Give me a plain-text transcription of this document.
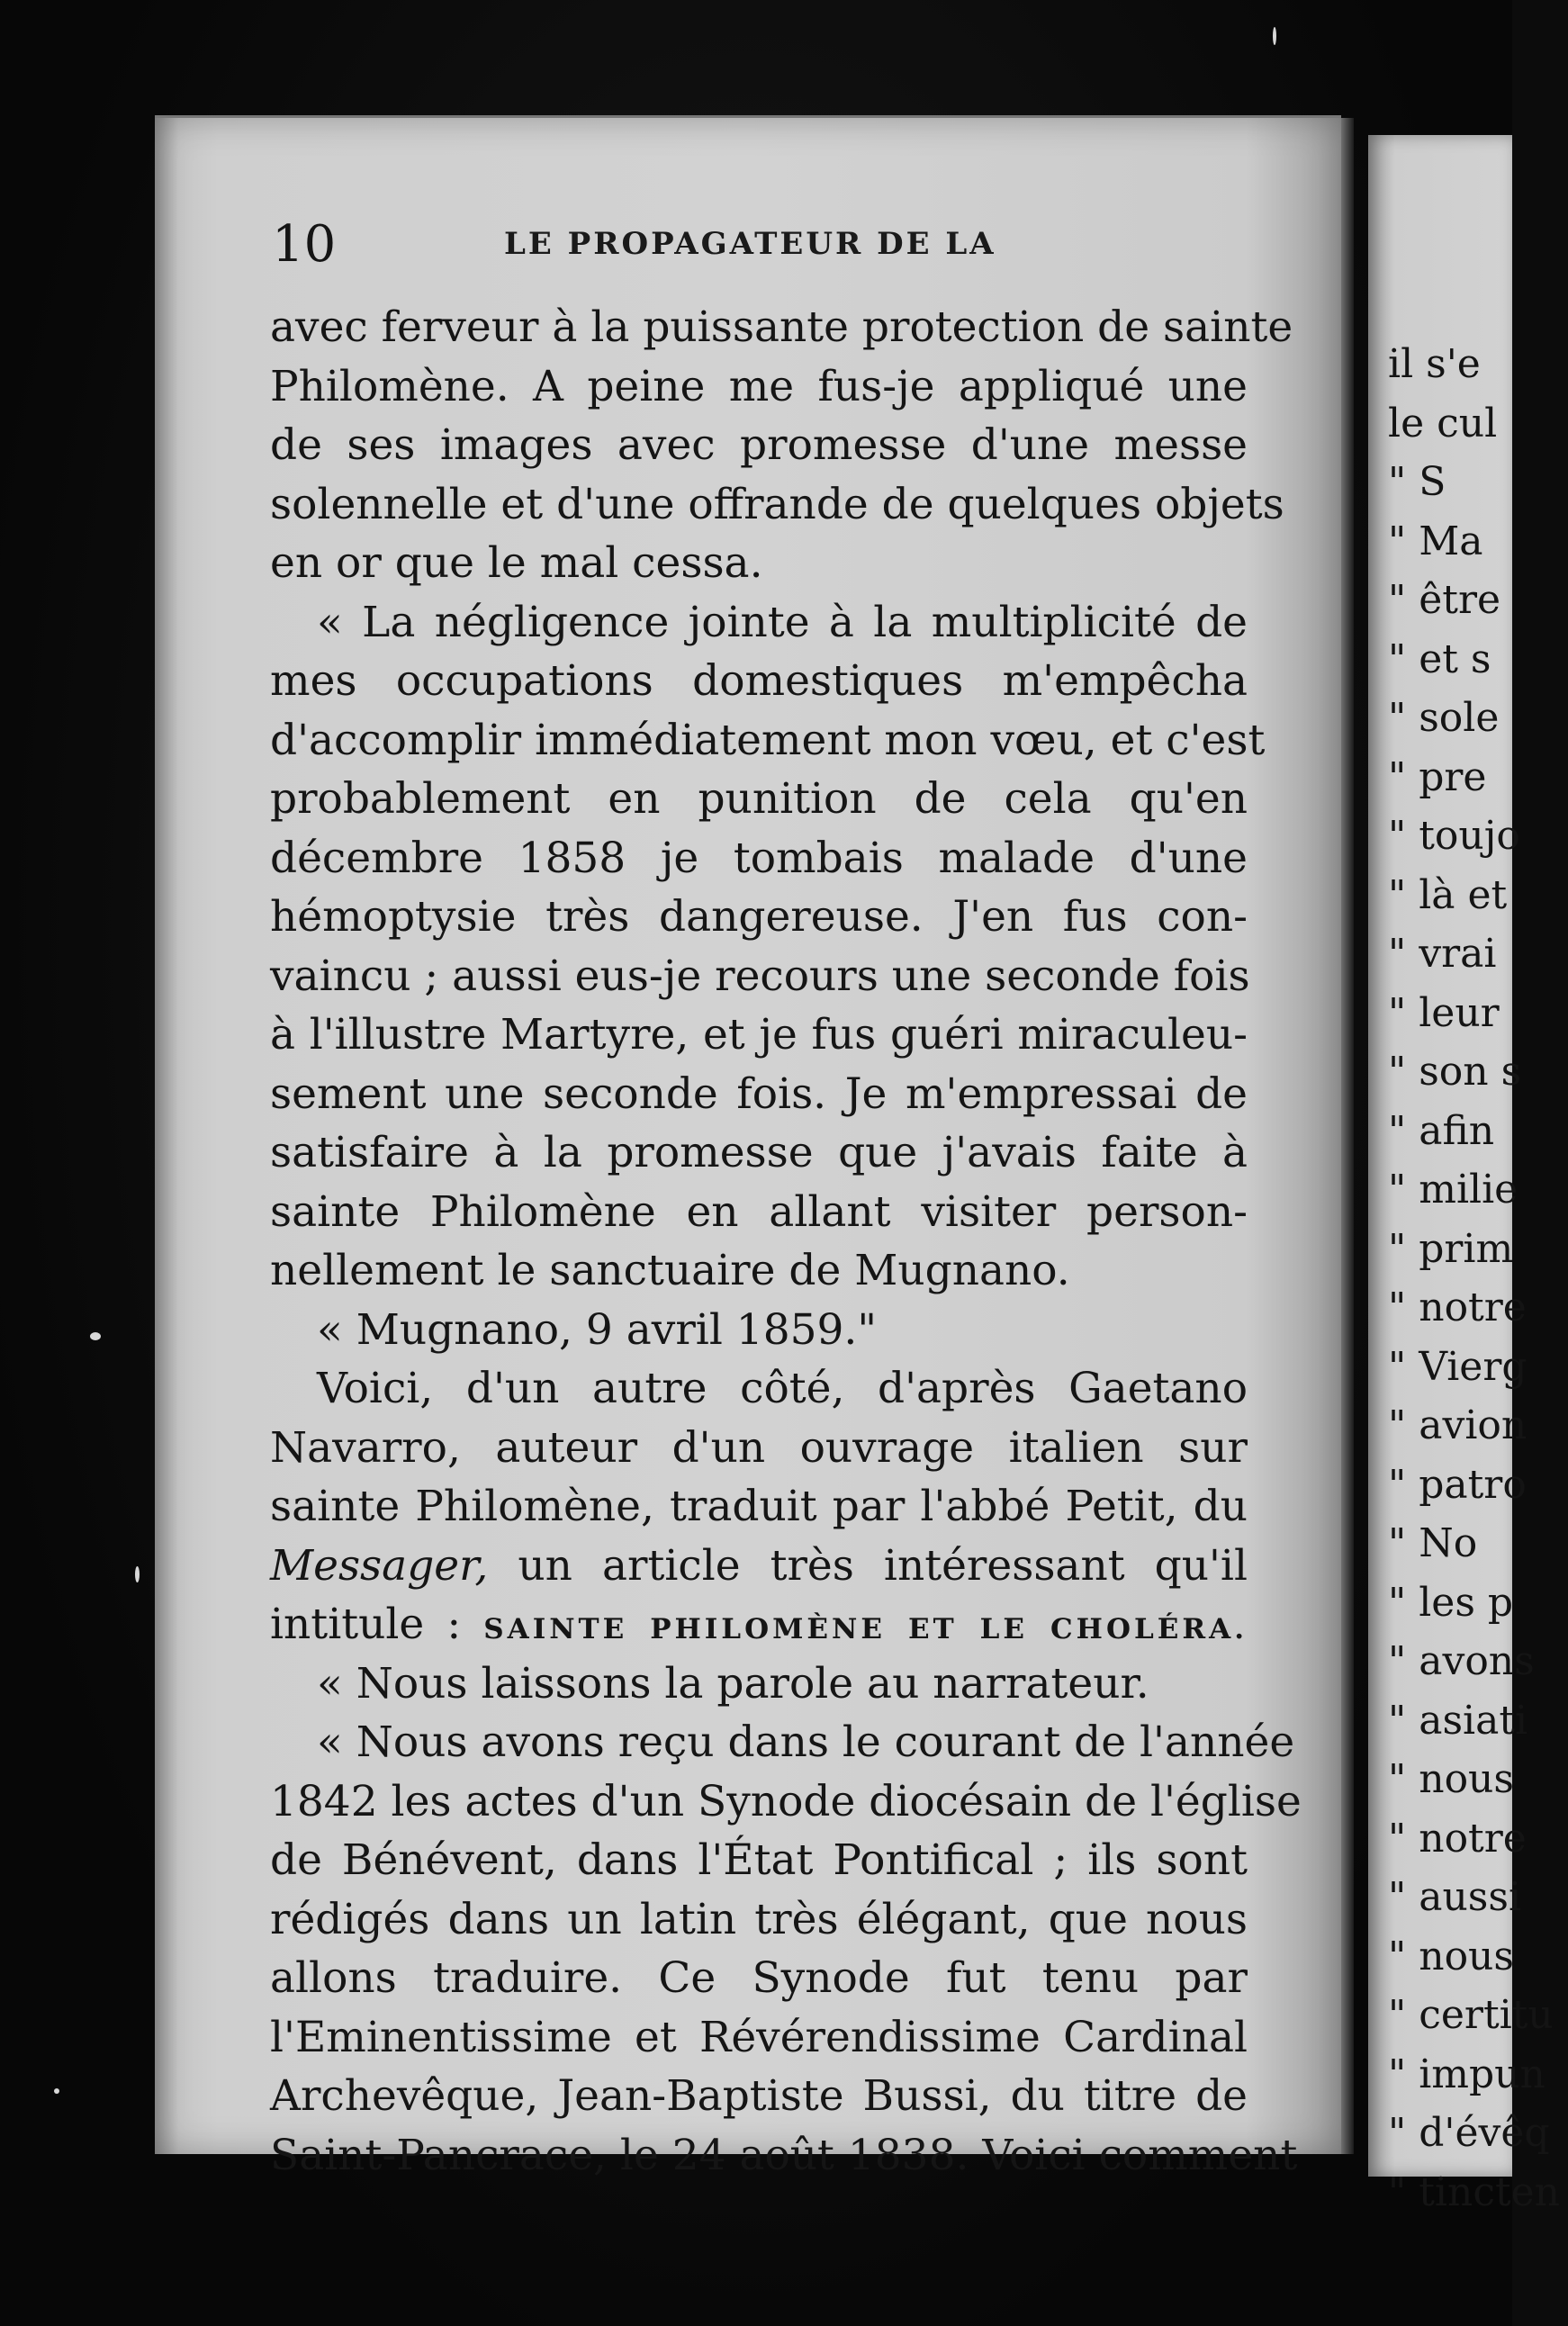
10	LE PROPAGATEUR DE LA
avec ferveur à la puissante protection de sainte
Philomène. A peine me fus-je appliqué une
de ses images avec promesse d'une messe
solennelle et d'une offrande de quelques objets
en or que le mal cessa.
« La négligence jointe à la multiplicité de
mes occupations domestiques m'empêcha
d'accomplir immédiatement mon vœu, et c'est
probablement en punition de cela qu'en
décembre 1858 je tombais malade d'une
hémoptysie très dangereuse. J'en fus con-
vaincu ; aussi eus-je recours une seconde fois
à l'illustre Martyre, et je fus guéri miraculeu-
sement une seconde fois. Je m'empressai de
satisfaire à la promesse que j'avais faite à
sainte Philomène en allant visiter person-
nellement le sanctuaire de Mugnano.
« Mugnano, 9 avril 1859."
Voici, d'un autre côté, d'après Gaetano
Navarro, auteur d'un ouvrage italien sur
sainte Philomène, traduit par l'abbé Petit, du
Messager, un article très intéressant qu'il
intitule : SAINTE PHILOMÈNE ET LE CHOLÉRA.
« Nous laissons la parole au narrateur.
« Nous avons reçu dans le courant de l'année
1842 les actes d'un Synode diocésain de l'église
de Bénévent, dans l'État Pontifical ; ils sont
rédigés dans un latin très élégant, que nous
allons traduire. Ce Synode fut tenu par
l'Eminentissime et Révérendissime Cardinal
Archevêque, Jean-Baptiste Bussi, du titre de
Saint-Pancrace, le 24 août 1838. Voici comment
il s'e
le cul
" S
" Ma
" être
" et s
" sole
" pre
" toujo
" là et
" vrai
" leur
" son s
" afin
" milie
" prim
" notre
" Vierg
" avion
" patro
" No
" les p
" avons
" asiati
" nous
" notre
" aussi
" nous
" certitu
" impun
" d'évêq
" tincten
